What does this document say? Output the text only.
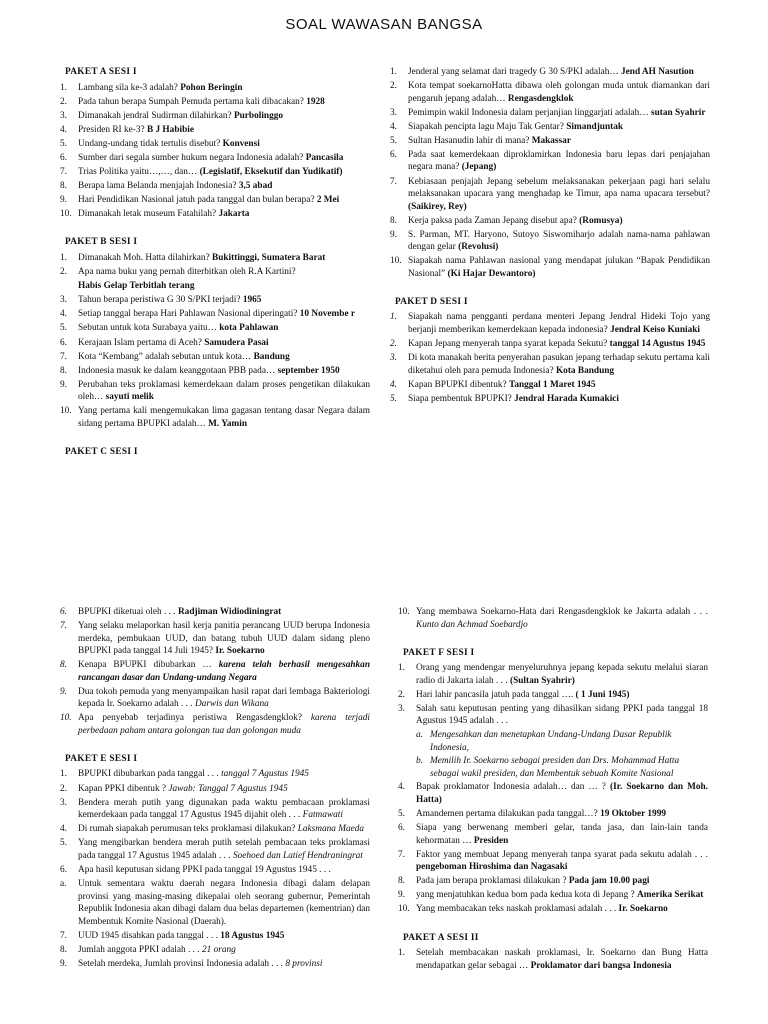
SOAL WAWASAN BANGSA
PAKET A SESI I
1.	Lambang sila ke-3 adalah? Pohon Beringin
2.	Pada tahun berapa Sumpah Pemuda pertama kali dibacakan? 1928
3.	Dimanakah jendral Sudirman dilahirkan? Purbolinggo
4.	Presiden RI ke-3? B J Habibie
5.	Undang-undang tidak tertulis disebut? Konvensi
6.	Sumber dari segala sumber hukum negara Indonesia adalah? Pancasila
7.	Trias Politika yaitu…,…, dan… (Legislatif, Eksekutif dan Yudikatif)
8.	Berapa lama Belanda menjajah Indonesia? 3,5 abad
9.	Hari Pendidikan Nasional jatuh pada tanggal dan bulan berapa? 2 Mei
10. Dimanakah letak museum Fatahilah? Jakarta
PAKET B SESI I
1.	Dimanakah Moh. Hatta dilahirkan? Bukittinggi, Sumatera Barat
2.	Apa nama buku yang pernah diterbitkan oleh R.A Kartini?
Habis Gelap Terbitlah terang
3.	Tahun berapa peristiwa G 30 S/PKI terjadi? 1965
4.	Setiap tanggal berapa Hari Pahlawan Nasional diperingati? 10 Novembe r
5.	Sebutan untuk kota Surabaya yaitu… kota Pahlawan
6.	Kerajaan Islam pertama di Aceh? Samudera Pasai
7.	Kota “Kembang” adalah sebutan untuk kota… Bandung
8.	Indonesia masuk ke dalam keanggotaan PBB pada… september 1950
9.	Perubahan teks proklamasi kemerdekaan dalam proses pengetikan dilakukan oleh… sayuti melik
10. Yang pertama kali mengemukakan lima gagasan tentang dasar Negara dalam sidang pertama BPUPKI adalah… M. Yamin
PAKET C SESI I
1.	Jenderal yang selamat dari tragedy G 30 S/PKI adalah… Jend AH Nasution
2.	Kota tempat soekarnoHatta dibawa oleh golongan muda untuk diamankan dari pengaruh jepang adalah… Rengasdengklok
3.	Pemimpin wakil Indonesia dalam perjanjian linggarjati adalah… sutan Syahrir
4.	Siapakah pencipta lagu Maju Tak Gentar? Simandjuntak
5.	Sultan Hasanudin lahir di mana? Makassar
6.	Pada saat kemerdekaan diproklamirkan Indonesia baru lepas dari penjajahan negara mana? (Jepang)
7.	Kebiasaan penjajah Jepang sebelum melaksanakan pekerjaan pagi hari selalu melaksanakan upacara yang menghadap ke Timur, apa nama upacara tersebut? (Saikirey, Rey)
8.	Kerja paksa pada Zaman Jepang disebut apa? (Romusya)
9.	S. Parman, MT. Haryono, Sutoyo Siswomiharjo adalah nama-nama pahlawan dengan gelar (Revolusi)
10. Siapakah nama Pahlawan nasional yang mendapat julukan “Bapak Pendidikan Nasional” (Ki Hajar Dewantoro)
PAKET D SESI I
1.	Siapakah nama pengganti perdana menteri Jepang Jendral Hideki Tojo yang berjanji memberikan kemerdekaan kepada indonesia? Jendral Keiso Kuniaki
2.	Kapan Jepang menyerah tanpa syarat kepada Sekutu? tanggal 14 Agustus 1945
3.	Di kota manakah berita penyerahan pasukan jepang terhadap sekutu pertama kali diketahui oleh para pemuda Indonesia? Kota Bandung
4.	Kapan BPUPKI dibentuk? Tanggal 1 Maret 1945
5.	Siapa pembentuk BPUPKI? Jendral Harada Kumakici
6.	BPUPKI diketuai oleh . . . Radjiman Widiodiningrat
7.	Yang selaku melaporkan hasil kerja panitia perancang UUD berupa Indonesia merdeka, pembukaan UUD, dan batang tubuh UUD dalam sidang pleno BPUPKI pada tanggal 14 Juli 1945? Ir. Soekarno
8.	Kenapa BPUPKI dibubarkan … karena telah berhasil mengesahkan rancangan dasar dan Undang-undang Negara
9.	Dua tokoh pemuda yang menyampaikan hasil rapat dari lembaga Bakteriologi kepada Ir. Soekarno adalah . . . Darwis dan Wikana
10. Apa penyebab terjadinya peristiwa Rengasdengklok? karena terjadi perbedaan paham antara golongan tua dan golongan muda
PAKET E SESI I
1.	BPUPKI dibubarkan pada tanggal . . . tanggal 7 Agustus 1945
2.	Kapan PPKI dibentuk ? Jawab: Tanggal 7 Agustus 1945
3.	Bendera merah putih yang digunakan pada waktu pembacaan proklamasi kemerdekaan pada tanggal 17 Agustus 1945 dijahit oleh . . . Fatmawati
4.	Di rumah siapakah perumusan teks proklamasi dilakukan? Laksmana Maeda
5.	Yang mengibarkan bendera merah putih setelah pembacaan teks proklamasi pada tanggal 17 Agustus 1945 adalah . . . Soehoed dan Latief Hendraningrat
6.	Apa hasil keputusan sidang PPKI pada tanggal 19 Agustus 1945 . . .
a.	Untuk sementara waktu daerah negara Indonesia dibagi dalam delapan provinsi yang masing-masing dikepalai oleh seorang gubernur, Pemerintah Republik Indonesia akan dibagi dalam dua belas departemen (kementrian) dan Membentuk Komite Nasional (Daerah).
7.	UUD 1945 disahkan pada tanggal . . . 18 Agustus 1945
8.	Jumlah anggota PPKI adalah . . . 21 orang
9.	Setelah merdeka, Jumlah provinsi Indonesia adalah . . . 8 provinsi
10. Yang membawa Soekarno-Hata dari Rengasdengklok ke Jakarta adalah . . . Kunto dan Achmad Soebardjo
PAKET F SESI I
1.	Orang yang mendengar menyeluruhnya jepang kepada sekutu melalui siaran radio di Jakarta ialah . . . (Sultan Syahrir)
2.	Hari lahir pancasila jatuh pada tanggal …. ( 1 Juni 1945)
3.	Salah satu keputusan penting yang dihasilkan sidang PPKI pada tanggal 18 Agustus 1945 adalah . . .
a. Mengesahkan dan menetapkan Undang-Undang Dasar Republik Indonesia,
b. Memilih Ir. Soekarno sebagai presiden dan Drs. Mohammad Hatta sebagai wakil presiden, dan Membentuk sebuah Komite Nasional
4.	Bapak proklamator Indonesia adalah… dan … ? (Ir. Soekarno dan Moh. Hatta)
5.	Amandemen pertama dilakukan pada tanggal…? 19 Oktober 1999
6.	Siapa yang berwenang memberi gelar, tanda jasa, dan lain-lain tanda kehormatan … Presiden
7.	Faktor yang membuat Jepang menyerah tanpa syarat pada sekutu adalah . . . pengeboman Hiroshima dan Nagasaki
8.	Pada jam berapa proklamasi dilakukan ? Pada jam 10.00 pagi
9.	yang menjatuhkan kedua bom pada kedua kota di Jepang ? Amerika Serikat
10. Yang membacakan teks naskah proklamasi adalah . . . Ir. Soekarno
PAKET A SESI II
1.	Setelah membacakan naskah proklamasi, Ir. Soekarno dan Bung Hatta mendapatkan gelar sebagai … Proklamator dari bangsa Indonesia
